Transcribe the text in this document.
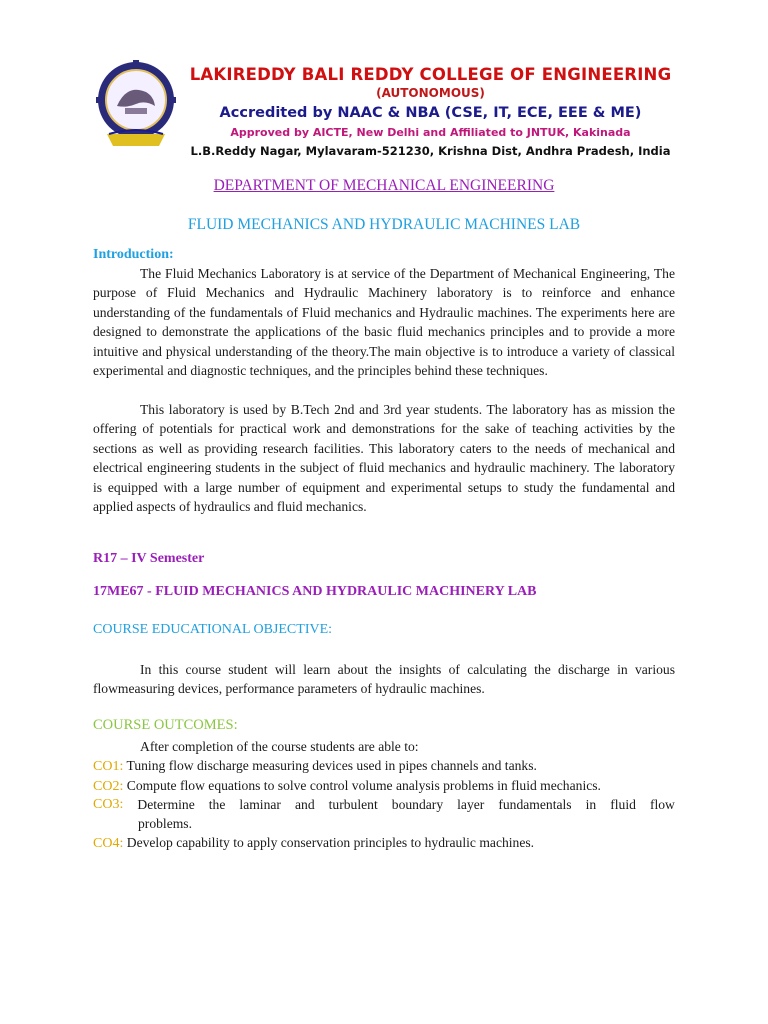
LAKIREDDY BALI REDDY COLLEGE OF ENGINEERING
(AUTONOMOUS)
Accredited by NAAC & NBA (CSE, IT, ECE, EEE & ME)
Approved by AICTE, New Delhi and Affiliated to JNTUK, Kakinada
L.B.Reddy Nagar, Mylavaram-521230, Krishna Dist, Andhra Pradesh, India
DEPARTMENT OF MECHANICAL ENGINEERING
FLUID MECHANICS AND HYDRAULIC MACHINES LAB
Introduction:

The Fluid Mechanics Laboratory is at service of the Department of Mechanical Engineering, The purpose of Fluid Mechanics and Hydraulic Machinery laboratory is to reinforce and enhance understanding of the fundamentals of Fluid mechanics and Hydraulic machines. The experiments here are designed to demonstrate the applications of the basic fluid mechanics principles and to provide a more intuitive and physical understanding of the theory.The main objective is to introduce a variety of classical experimental and diagnostic techniques, and the principles behind these techniques.

This laboratory is used by B.Tech 2nd and 3rd year students. The laboratory has as mission the offering of potentials for practical work and demonstrations for the sake of teaching activities by the sections as well as providing research facilities. This laboratory caters to the needs of mechanical and electrical engineering students in the subject of fluid mechanics and hydraulic machinery. The laboratory is equipped with a large number of equipment and experimental setups to study the fundamental and applied aspects of hydraulics and fluid mechanics.

R17 – IV Semester
17ME67 - FLUID MECHANICS AND HYDRAULIC MACHINERY LAB
COURSE EDUCATIONAL OBJECTIVE:

In this course student will learn about the insights of calculating the discharge in various flowmeasuring devices, performance parameters of hydraulic machines.

COURSE OUTCOMES:
After completion of the course students are able to:
CO1: Tuning flow discharge measuring devices used in pipes channels and tanks.
CO2: Compute flow equations to solve control volume analysis problems in fluid mechanics.
CO3: Determine the laminar and turbulent boundary layer fundamentals in fluid flow
problems.
CO4: Develop capability to apply conservation principles to hydraulic machines.
